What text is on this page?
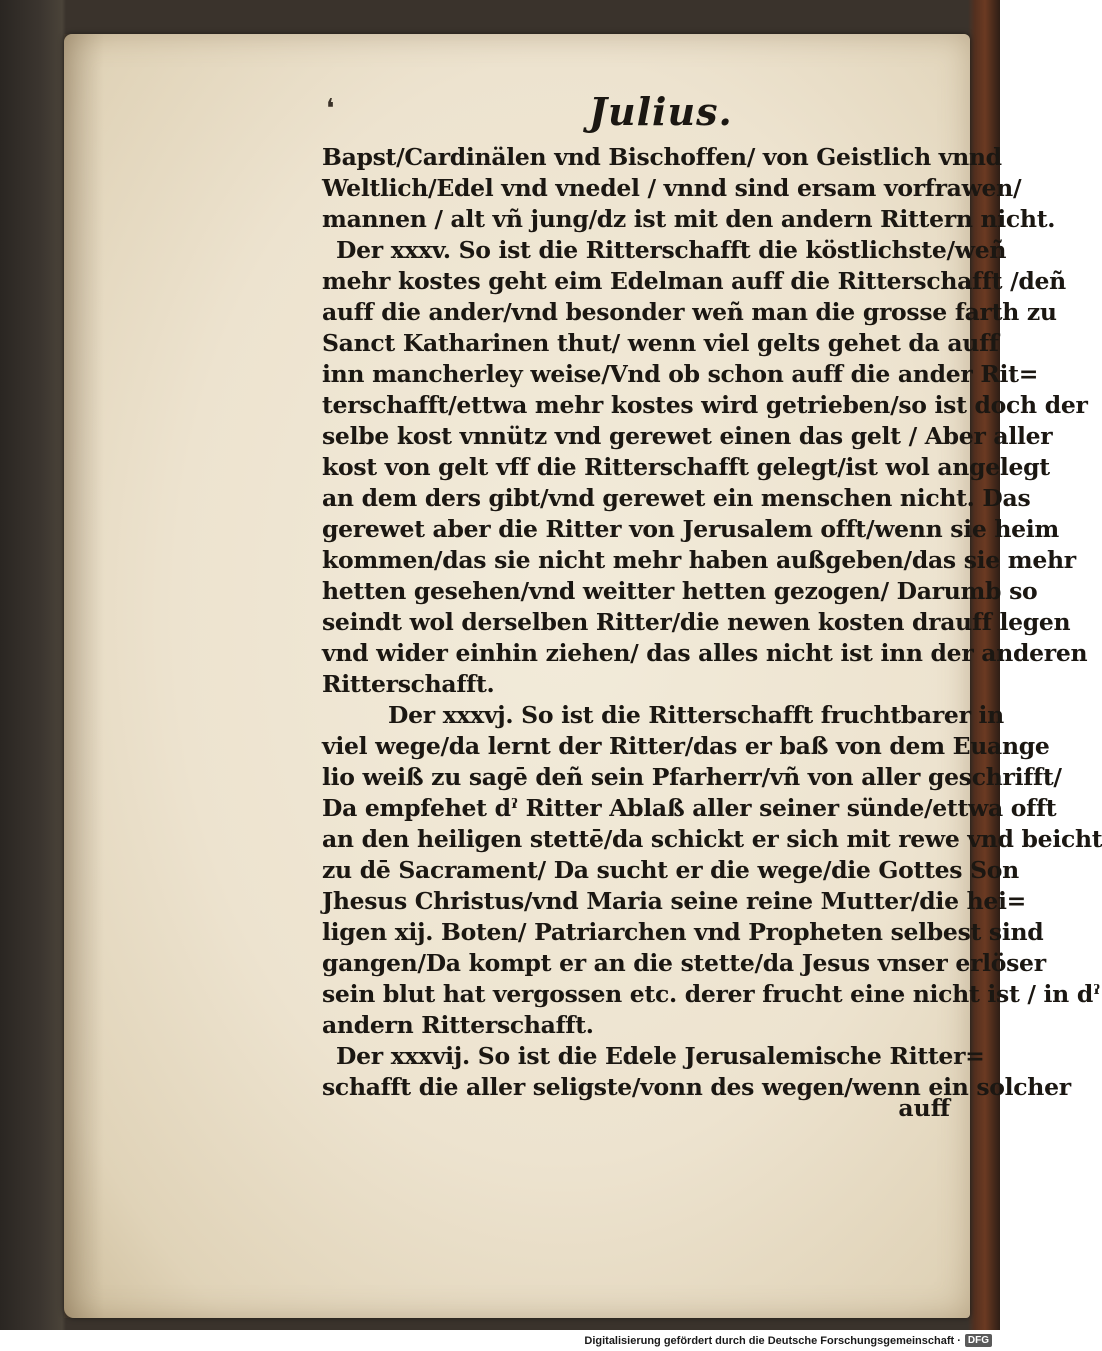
❛	Julius.
Bapst/Cardinälen vnd Bischoffen/ von Geistlich vnnd
Weltlich/Edel vnd vnedel / vnnd sind ersam vorfrawen/
mannen / alt vñ jung/dz ist mit den andern Rittern nicht.
Der xxxv. So ist die Ritterschafft die köstlichste/weñ
mehr kostes geht eim Edelman auff die Ritterschafft /deñ
auff die ander/vnd besonder weñ man die grosse farth zu
Sanct Katharinen thut/ wenn viel gelts gehet da auff
inn mancherley weise/Vnd ob schon auff die ander Rit=
terschafft/ettwa mehr kostes wird getrieben/so ist doch der
selbe kost vnnütz vnd gerewet einen das gelt / Aber aller
kost von gelt vff die Ritterschafft gelegt/ist wol angelegt
an dem ders gibt/vnd gerewet ein menschen nicht. Das
gerewet aber die Ritter von Jerusalem offt/wenn sie heim
kommen/das sie nicht mehr haben außgeben/das sie mehr
hetten gesehen/vnd weitter hetten gezogen/ Darumb so
seindt wol derselben Ritter/die newen kosten drauff legen
vnd wider einhin ziehen/ das alles nicht ist inn der anderen
Ritterschafft.
Der xxxvj. So ist die Ritterschafft fruchtbarer in
viel wege/da lernt der Ritter/das er baß von dem Euange
lio weiß zu sagē deñ sein Pfarherr/vñ von aller geschrifft/
Da empfehet dˀ Ritter Ablaß aller seiner sünde/ettwa offt
an den heiligen stettē/da schickt er sich mit rewe vnd beicht
zu dē Sacrament/ Da sucht er die wege/die Gottes Son
Jhesus Christus/vnd Maria seine reine Mutter/die hei=
ligen xij. Boten/ Patriarchen vnd Propheten selbest sind
gangen/Da kompt er an die stette/da Jesus vnser erlöser
sein blut hat vergossen etc. derer frucht eine nicht ist / in dˀ
andern Ritterschafft.
Der xxxvij. So ist die Edele Jerusalemische Ritter=
schafft die aller seligste/vonn des wegen/wenn ein solcher
auff
Digitalisierung gefördert durch die Deutsche Forschungsgemeinschaft · DFG
